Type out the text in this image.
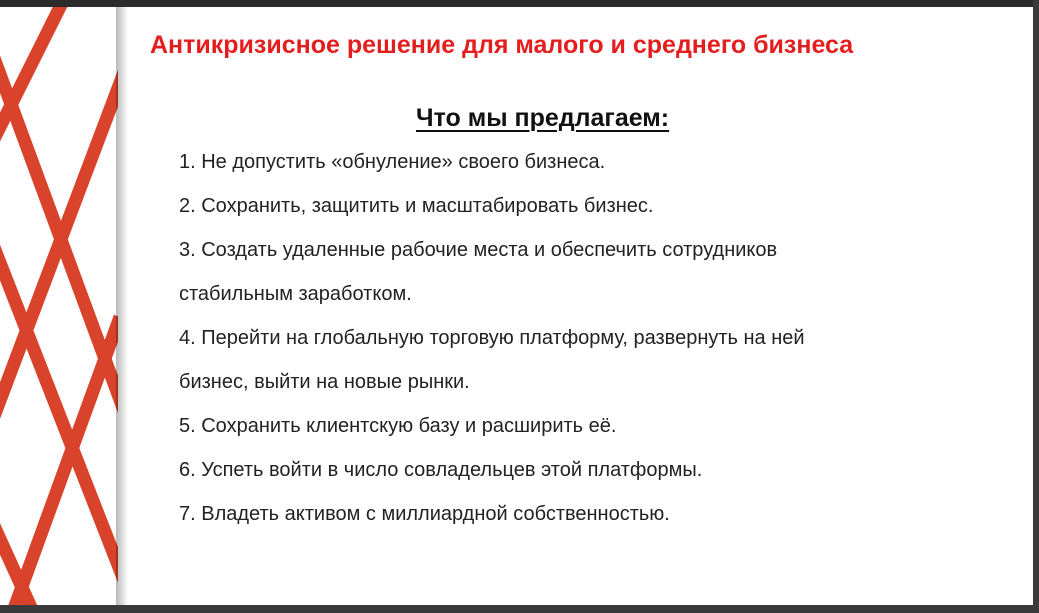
Антикризисное решение для малого и среднего бизнеса
Что мы предлагаем:
1. Не допустить «обнуление» своего бизнеса.
2. Сохранить, защитить и масштабировать бизнес.
3. Создать удаленные рабочие места и обеспечить сотрудников
стабильным заработком.
4. Перейти на глобальную торговую платформу, развернуть на ней
бизнес, выйти на новые рынки.
5. Сохранить клиентскую базу и расширить её.
6. Успеть войти в число совладельцев этой платформы.
7. Владеть активом с миллиардной собственностью.
